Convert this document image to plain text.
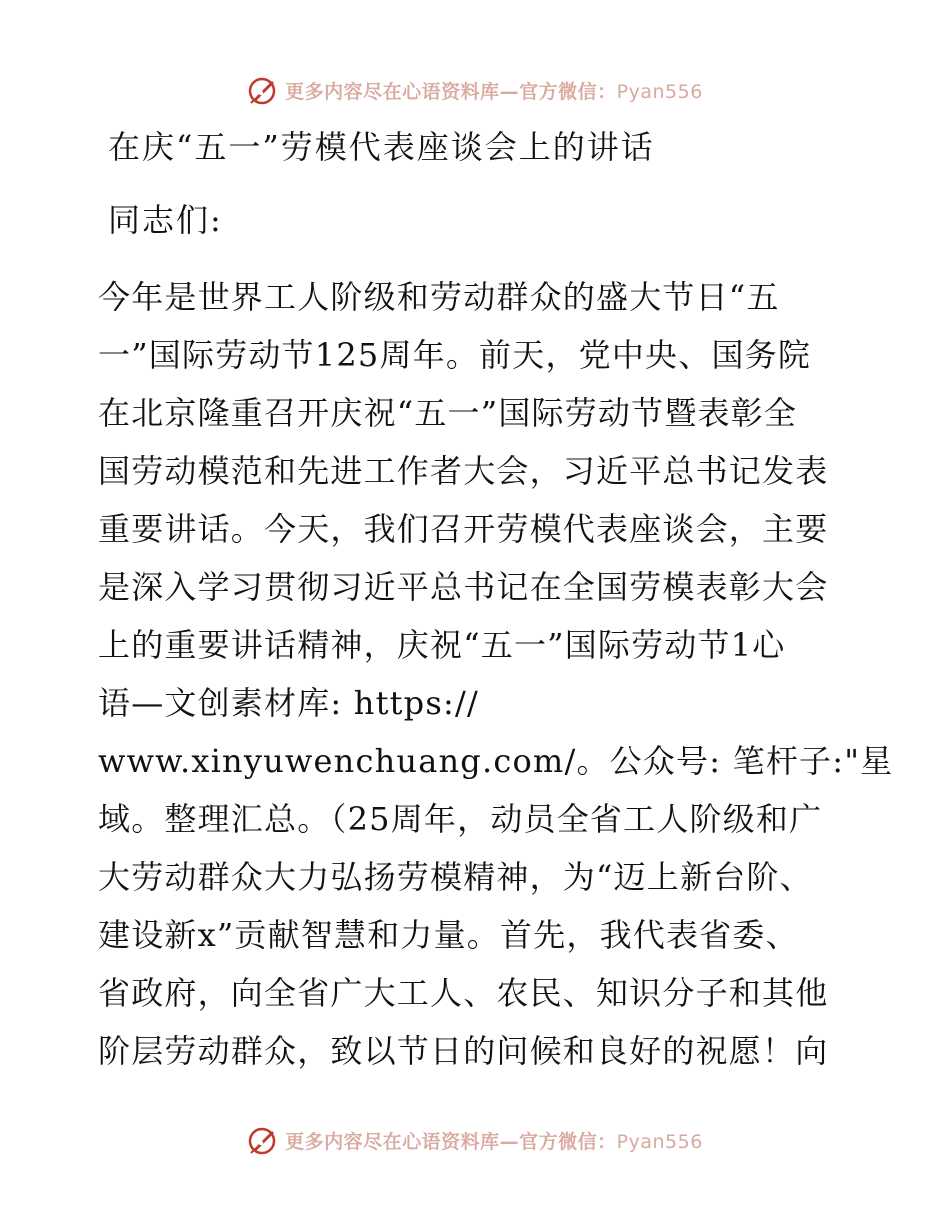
更多内容尽在心语资料库—官方微信：Pyan556
在庆“五一”劳模代表座谈会上的讲话
同志们:
今年是世界工人阶级和劳动群众的盛大节日“五
一”国际劳动节125周年。前天，党中央、国务院
在北京隆重召开庆祝“五一”国际劳动节暨表彰全
国劳动模范和先进工作者大会，习近平总书记发表
重要讲话。今天，我们召开劳模代表座谈会，主要
是深入学习贯彻习近平总书记在全国劳模表彰大会
上的重要讲话精神，庆祝“五一”国际劳动节1心
语—文创素材库: https://
www.xinyuwenchuang.com/。公众号: 笔杆子:"星
域。整理汇总。（25周年，动员全省工人阶级和广
大劳动群众大力弘扬劳模精神，为“迈上新台阶、
建设新x”贡献智慧和力量。首先，我代表省委、
省政府，向全省广大工人、农民、知识分子和其他
阶层劳动群众，致以节日的问候和良好的祝愿！向
更多内容尽在心语资料库—官方微信：Pyan556
